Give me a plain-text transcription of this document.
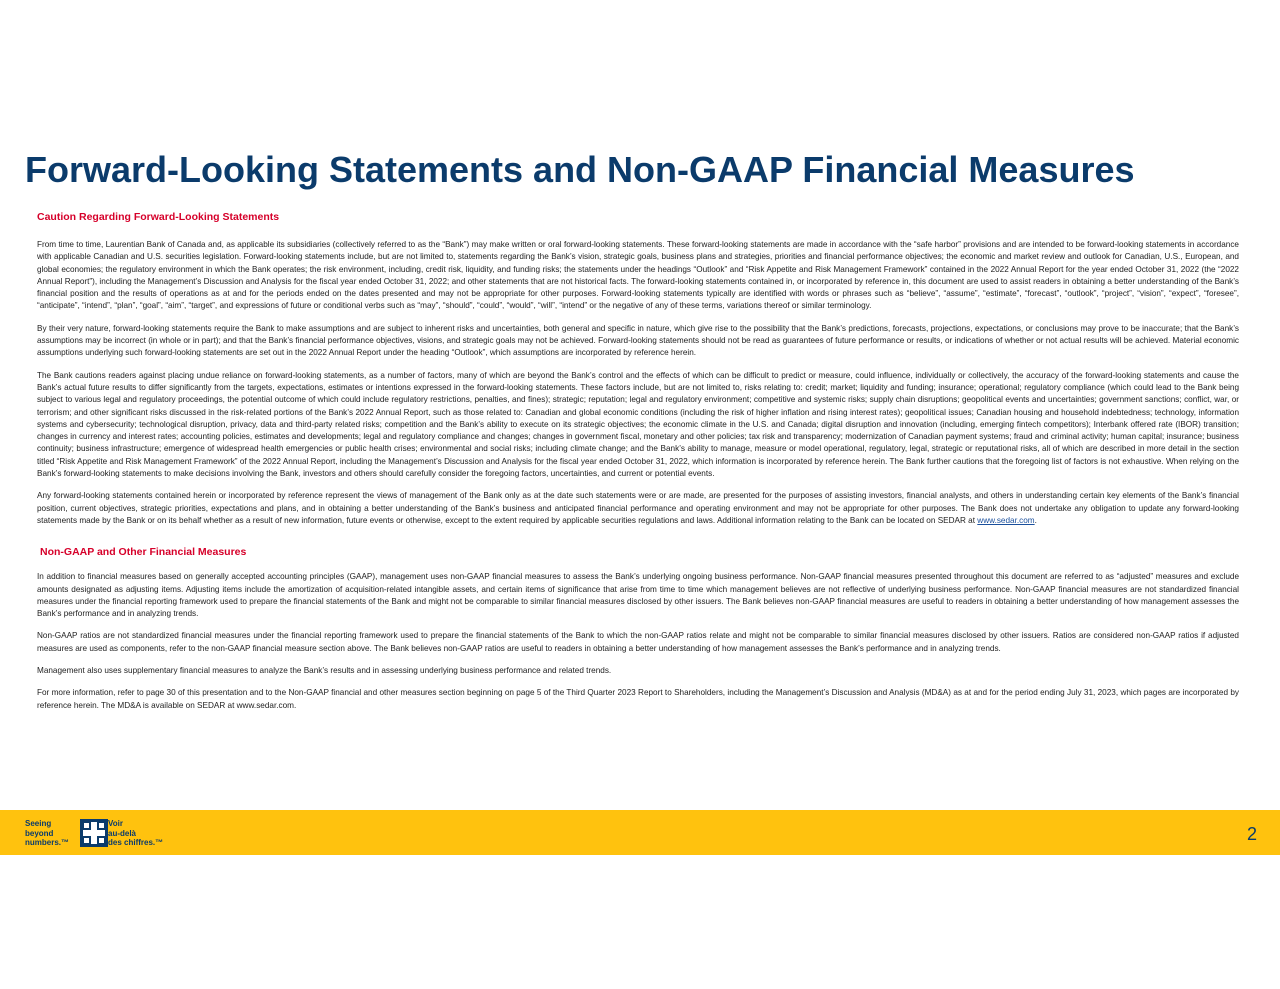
Forward-Looking Statements and Non-GAAP Financial Measures
Caution Regarding Forward-Looking Statements

From time to time, Laurentian Bank of Canada and, as applicable its subsidiaries (collectively referred to as the “Bank”) may make written or oral forward-looking statements. These forward-looking statements are made in accordance with the “safe harbor” provisions and are intended to be forward-looking statements in accordance with applicable Canadian and U.S. securities legislation. Forward-looking statements include, but are not limited to, statements regarding the Bank’s vision, strategic goals, business plans and strategies, priorities and financial performance objectives; the economic and market review and outlook for Canadian, U.S., European, and global economies; the regulatory environment in which the Bank operates; the risk environment, including, credit risk, liquidity, and funding risks; the statements under the headings “Outlook” and “Risk Appetite and Risk Management Framework” contained in the 2022 Annual Report for the year ended October 31, 2022 (the “2022 Annual Report”), including the Management’s Discussion and Analysis for the fiscal year ended October 31, 2022; and other statements that are not historical facts. The forward-looking statements contained in, or incorporated by reference in, this document are used to assist readers in obtaining a better understanding of the Bank’s financial position and the results of operations as at and for the periods ended on the dates presented and may not be appropriate for other purposes. Forward-looking statements typically are identified with words or phrases such as “believe”, “assume”, “estimate”, “forecast”, “outlook”, “project”, “vision”, “expect”, “foresee”, “anticipate”, “intend”, “plan”, “goal”, “aim”, “target”, and expressions of future or conditional verbs such as “may”, “should”, “could”, “would”, “will”, “intend” or the negative of any of these terms, variations thereof or similar terminology.

By their very nature, forward-looking statements require the Bank to make assumptions and are subject to inherent risks and uncertainties, both general and specific in nature, which give rise to the possibility that the Bank’s predictions, forecasts, projections, expectations, or conclusions may prove to be inaccurate; that the Bank’s assumptions may be incorrect (in whole or in part); and that the Bank’s financial performance objectives, visions, and strategic goals may not be achieved. Forward-looking statements should not be read as guarantees of future performance or results, or indications of whether or not actual results will be achieved. Material economic assumptions underlying such forward-looking statements are set out in the 2022 Annual Report under the heading “Outlook”, which assumptions are incorporated by reference herein.

The Bank cautions readers against placing undue reliance on forward-looking statements, as a number of factors, many of which are beyond the Bank’s control and the effects of which can be difficult to predict or measure, could influence, individually or collectively, the accuracy of the forward-looking statements and cause the Bank’s actual future results to differ significantly from the targets, expectations, estimates or intentions expressed in the forward-looking statements. These factors include, but are not limited to, risks relating to: credit; market; liquidity and funding; insurance; operational; regulatory compliance (which could lead to the Bank being subject to various legal and regulatory proceedings, the potential outcome of which could include regulatory restrictions, penalties, and fines); strategic; reputation; legal and regulatory environment; competitive and systemic risks; supply chain disruptions; geopolitical events and uncertainties; government sanctions; conflict, war, or terrorism; and other significant risks discussed in the risk-related portions of the Bank’s 2022 Annual Report, such as those related to: Canadian and global economic conditions (including the risk of higher inflation and rising interest rates); geopolitical issues; Canadian housing and household indebtedness; technology, information systems and cybersecurity; technological disruption, privacy, data and third-party related risks; competition and the Bank’s ability to execute on its strategic objectives; the economic climate in the U.S. and Canada; digital disruption and innovation (including, emerging fintech competitors); Interbank offered rate (IBOR) transition; changes in currency and interest rates; accounting policies, estimates and developments; legal and regulatory compliance and changes; changes in government fiscal, monetary and other policies; tax risk and transparency; modernization of Canadian payment systems; fraud and criminal activity; human capital; insurance; business continuity; business infrastructure; emergence of widespread health emergencies or public health crises; environmental and social risks; including climate change; and the Bank’s ability to manage, measure or model operational, regulatory, legal, strategic or reputational risks, all of which are described in more detail in the section titled “Risk Appetite and Risk Management Framework” of the 2022 Annual Report, including the Management’s Discussion and Analysis for the fiscal year ended October 31, 2022, which information is incorporated by reference herein. The Bank further cautions that the foregoing list of factors is not exhaustive. When relying on the Bank’s forward-looking statements to make decisions involving the Bank, investors and others should carefully consider the foregoing factors, uncertainties, and current or potential events.

Any forward-looking statements contained herein or incorporated by reference represent the views of management of the Bank only as at the date such statements were or are made, are presented for the purposes of assisting investors, financial analysts, and others in understanding certain key elements of the Bank’s financial position, current objectives, strategic priorities, expectations and plans, and in obtaining a better understanding of the Bank’s business and anticipated financial performance and operating environment and may not be appropriate for other purposes. The Bank does not undertake any obligation to update any forward-looking statements made by the Bank or on its behalf whether as a result of new information, future events or otherwise, except to the extent required by applicable securities regulations and laws. Additional information relating to the Bank can be located on SEDAR at www.sedar.com.

Non-GAAP and Other Financial Measures

In addition to financial measures based on generally accepted accounting principles (GAAP), management uses non-GAAP financial measures to assess the Bank’s underlying ongoing business performance. Non-GAAP financial measures presented throughout this document are referred to as “adjusted” measures and exclude amounts designated as adjusting items. Adjusting items include the amortization of acquisition-related intangible assets, and certain items of significance that arise from time to time which management believes are not reflective of underlying business performance. Non-GAAP financial measures are not standardized financial measures under the financial reporting framework used to prepare the financial statements of the Bank and might not be comparable to similar financial measures disclosed by other issuers. The Bank believes non-GAAP financial measures are useful to readers in obtaining a better understanding of how management assesses the Bank’s performance and in analyzing trends.

Non-GAAP ratios are not standardized financial measures under the financial reporting framework used to prepare the financial statements of the Bank to which the non-GAAP ratios relate and might not be comparable to similar financial measures disclosed by other issuers. Ratios are considered non-GAAP ratios if adjusted measures are used as components, refer to the non-GAAP financial measure section above. The Bank believes non-GAAP ratios are useful to readers in obtaining a better understanding of how management assesses the Bank’s performance and in analyzing trends.

Management also uses supplementary financial measures to analyze the Bank’s results and in assessing underlying business performance and related trends.

For more information, refer to page 30 of this presentation and to the Non-GAAP financial and other measures section beginning on page 5 of the Third Quarter 2023 Report to Shareholders, including the Management’s Discussion and Analysis (MD&A) as at and for the period ending July 31, 2023, which pages are incorporated by reference herein. The MD&A is available on SEDAR at www.sedar.com.

Seeing
beyond
numbers.™
Voir
au-delà
des chiffres.™	2
